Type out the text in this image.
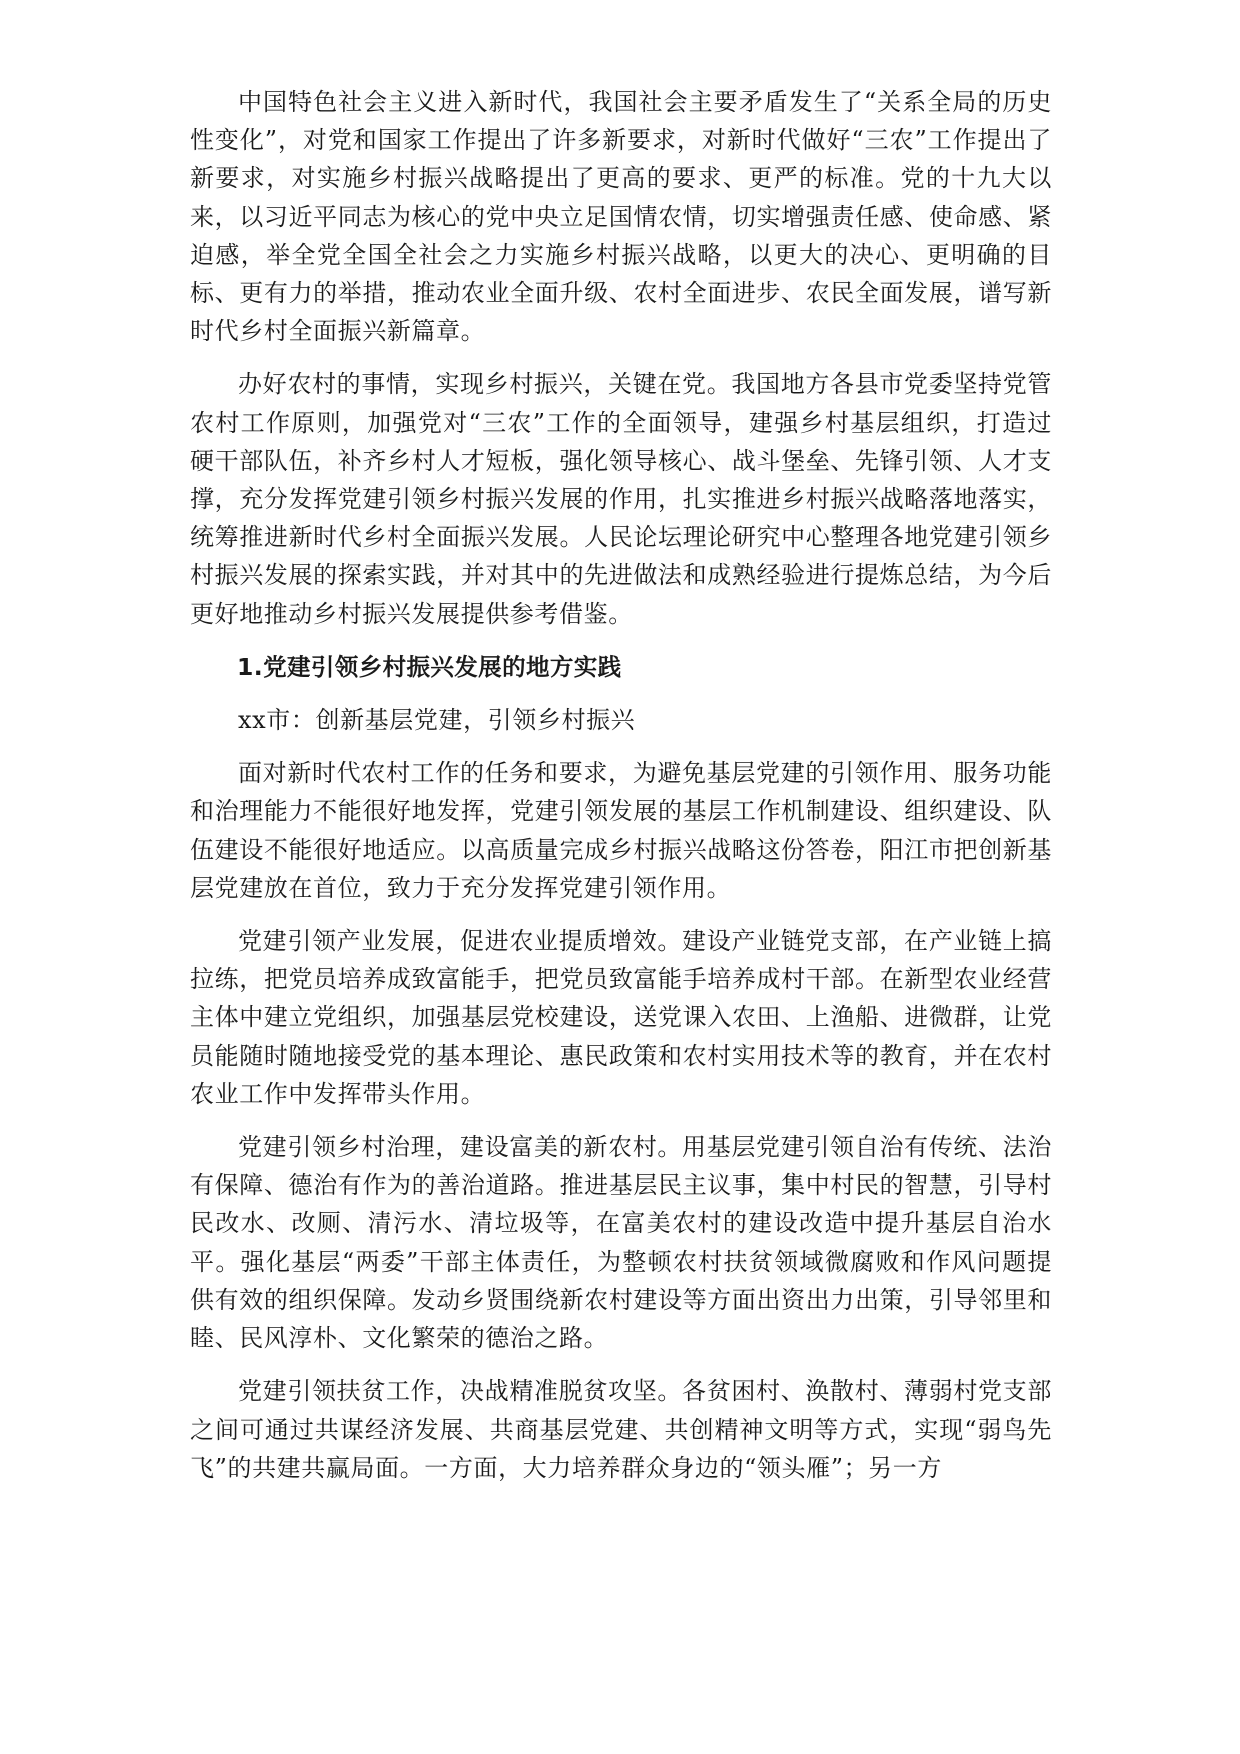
中国特色社会主义进入新时代，我国社会主要矛盾发生了“关系全局的历史性变化”，对党和国家工作提出了许多新要求，对新时代做好“三农”工作提出了新要求，对实施乡村振兴战略提出了更高的要求、更严的标准。党的十九大以来，以习近平同志为核心的党中央立足国情农情，切实增强责任感、使命感、紧迫感，举全党全国全社会之力实施乡村振兴战略，以更大的决心、更明确的目标、更有力的举措，推动农业全面升级、农村全面进步、农民全面发展，谱写新时代乡村全面振兴新篇章。

办好农村的事情，实现乡村振兴，关键在党。我国地方各县市党委坚持党管农村工作原则，加强党对“三农”工作的全面领导，建强乡村基层组织，打造过硬干部队伍，补齐乡村人才短板，强化领导核心、战斗堡垒、先锋引领、人才支撑，充分发挥党建引领乡村振兴发展的作用，扎实推进乡村振兴战略落地落实，统筹推进新时代乡村全面振兴发展。人民论坛理论研究中心整理各地党建引领乡村振兴发展的探索实践，并对其中的先进做法和成熟经验进行提炼总结，为今后更好地推动乡村振兴发展提供参考借鉴。

1.党建引领乡村振兴发展的地方实践

xx市：创新基层党建，引领乡村振兴

面对新时代农村工作的任务和要求，为避免基层党建的引领作用、服务功能和治理能力不能很好地发挥，党建引领发展的基层工作机制建设、组织建设、队伍建设不能很好地适应。以高质量完成乡村振兴战略这份答卷，阳江市把创新基层党建放在首位，致力于充分发挥党建引领作用。

党建引领产业发展，促进农业提质增效。建设产业链党支部，在产业链上搞拉练，把党员培养成致富能手，把党员致富能手培养成村干部。在新型农业经营主体中建立党组织，加强基层党校建设，送党课入农田、上渔船、进微群，让党员能随时随地接受党的基本理论、惠民政策和农村实用技术等的教育，并在农村农业工作中发挥带头作用。

党建引领乡村治理，建设富美的新农村。用基层党建引领自治有传统、法治有保障、德治有作为的善治道路。推进基层民主议事，集中村民的智慧，引导村民改水、改厕、清污水、清垃圾等，在富美农村的建设改造中提升基层自治水平。强化基层“两委”干部主体责任，为整顿农村扶贫领域微腐败和作风问题提供有效的组织保障。发动乡贤围绕新农村建设等方面出资出力出策，引导邻里和睦、民风淳朴、文化繁荣的德治之路。

党建引领扶贫工作，决战精准脱贫攻坚。各贫困村、涣散村、薄弱村党支部之间可通过共谋经济发展、共商基层党建、共创精神文明等方式，实现“弱鸟先飞”的共建共赢局面。一方面，大力培养群众身边的“领头雁”；另一方
